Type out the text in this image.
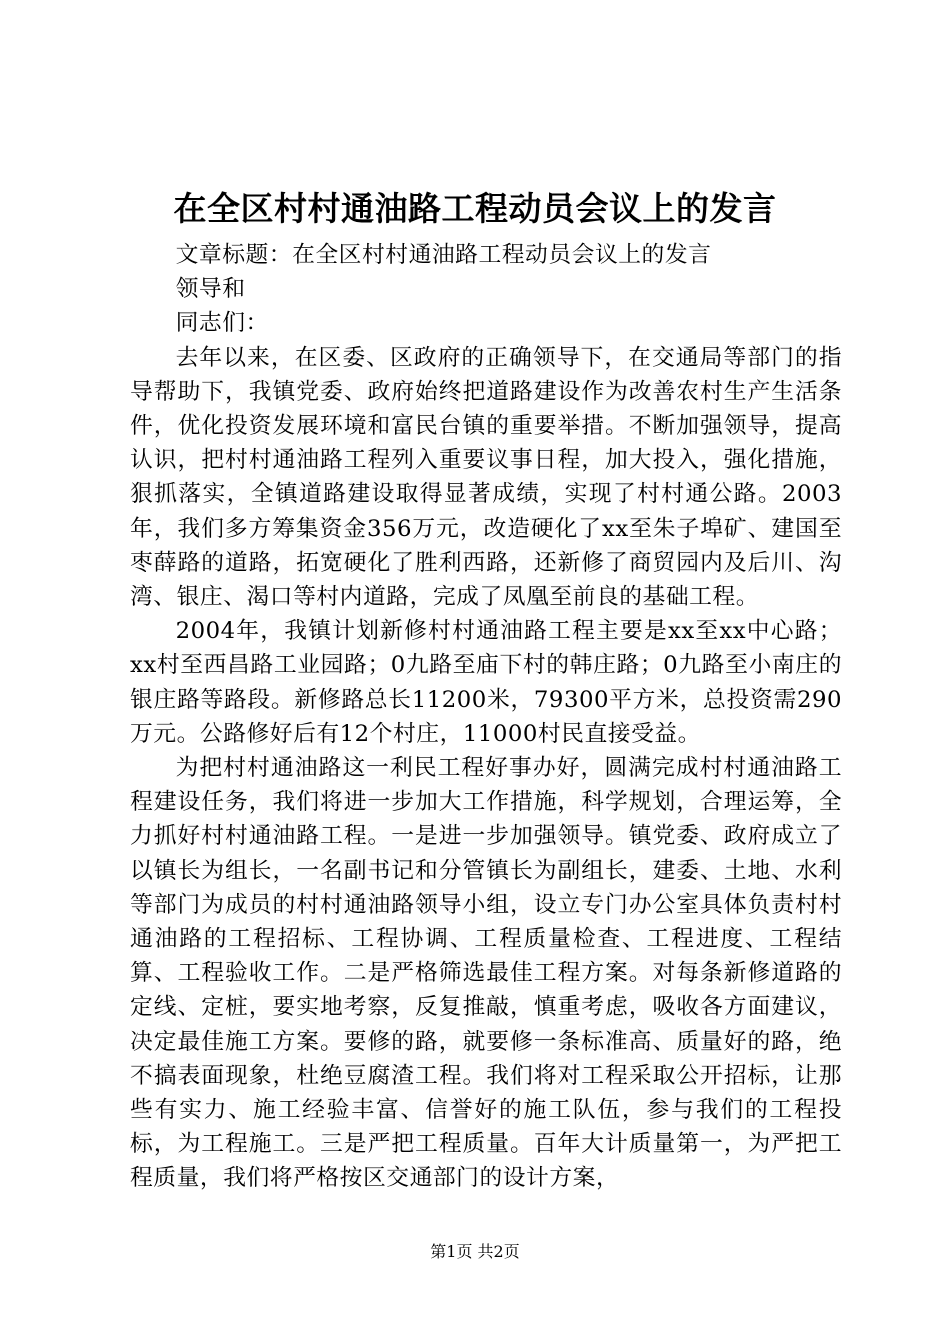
在全区村村通油路工程动员会议上的发言

文章标题：在全区村村通油路工程动员会议上的发言

领导和

同志们：

去年以来，在区委、区政府的正确领导下，在交通局等部门的指导帮助下，我镇党委、政府始终把道路建设作为改善农村生产生活条件，优化投资发展环境和富民台镇的重要举措。不断加强领导，提高认识，把村村通油路工程列入重要议事日程，加大投入，强化措施，狠抓落实，全镇道路建设取得显著成绩，实现了村村通公路。2003年，我们多方筹集资金356万元，改造硬化了xx至朱子埠矿、建国至枣薛路的道路，拓宽硬化了胜利西路，还新修了商贸园内及后川、沟湾、银庄、渴口等村内道路，完成了凤凰至前良的基础工程。

2004年，我镇计划新修村村通油路工程主要是xx至xx中心路；xx村至西昌路工业园路；0九路至庙下村的韩庄路；0九路至小南庄的银庄路等路段。新修路总长11200米，79300平方米，总投资需290万元。公路修好后有12个村庄，11000村民直接受益。

为把村村通油路这一利民工程好事办好，圆满完成村村通油路工程建设任务，我们将进一步加大工作措施，科学规划，合理运筹，全力抓好村村通油路工程。一是进一步加强领导。镇党委、政府成立了以镇长为组长，一名副书记和分管镇长为副组长，建委、土地、水利等部门为成员的村村通油路领导小组，设立专门办公室具体负责村村通油路的工程招标、工程协调、工程质量检查、工程进度、工程结算、工程验收工作。二是严格筛选最佳工程方案。对每条新修道路的定线、定桩，要实地考察，反复推敲，慎重考虑，吸收各方面建议，决定最佳施工方案。要修的路，就要修一条标准高、质量好的路，绝不搞表面现象，杜绝豆腐渣工程。我们将对工程采取公开招标，让那些有实力、施工经验丰富、信誉好的施工队伍，参与我们的工程投标，为工程施工。三是严把工程质量。百年大计质量第一，为严把工程质量，我们将严格按区交通部门的设计方案，

第1页 共2页
